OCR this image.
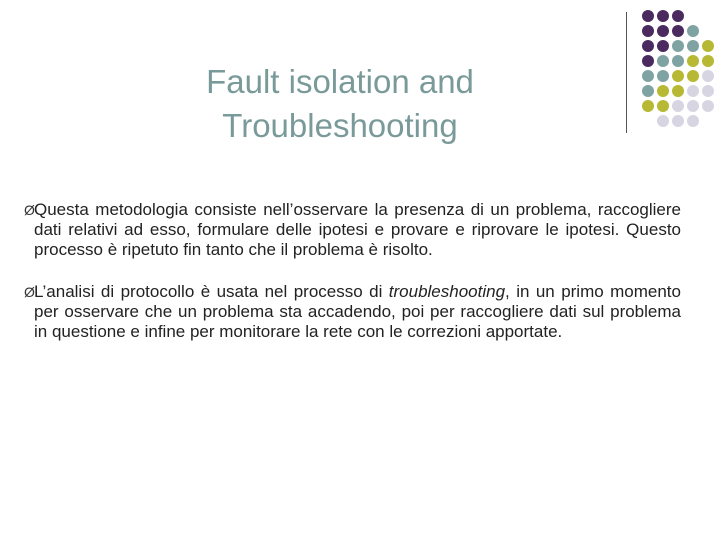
Fault isolation and
Troubleshooting
Ø Questa metodologia consiste nell’osservare la presenza di un problema, raccogliere dati relativi ad esso, formulare delle ipotesi e provare e riprovare le ipotesi. Questo processo è ripetuto fin tanto che il problema è risolto.
Ø L’analisi di protocollo è usata nel processo di troubleshooting, in un primo momento per osservare che un problema sta accadendo, poi per raccogliere dati sul problema in questione e infine per monitorare la rete con le correzioni apportate.
